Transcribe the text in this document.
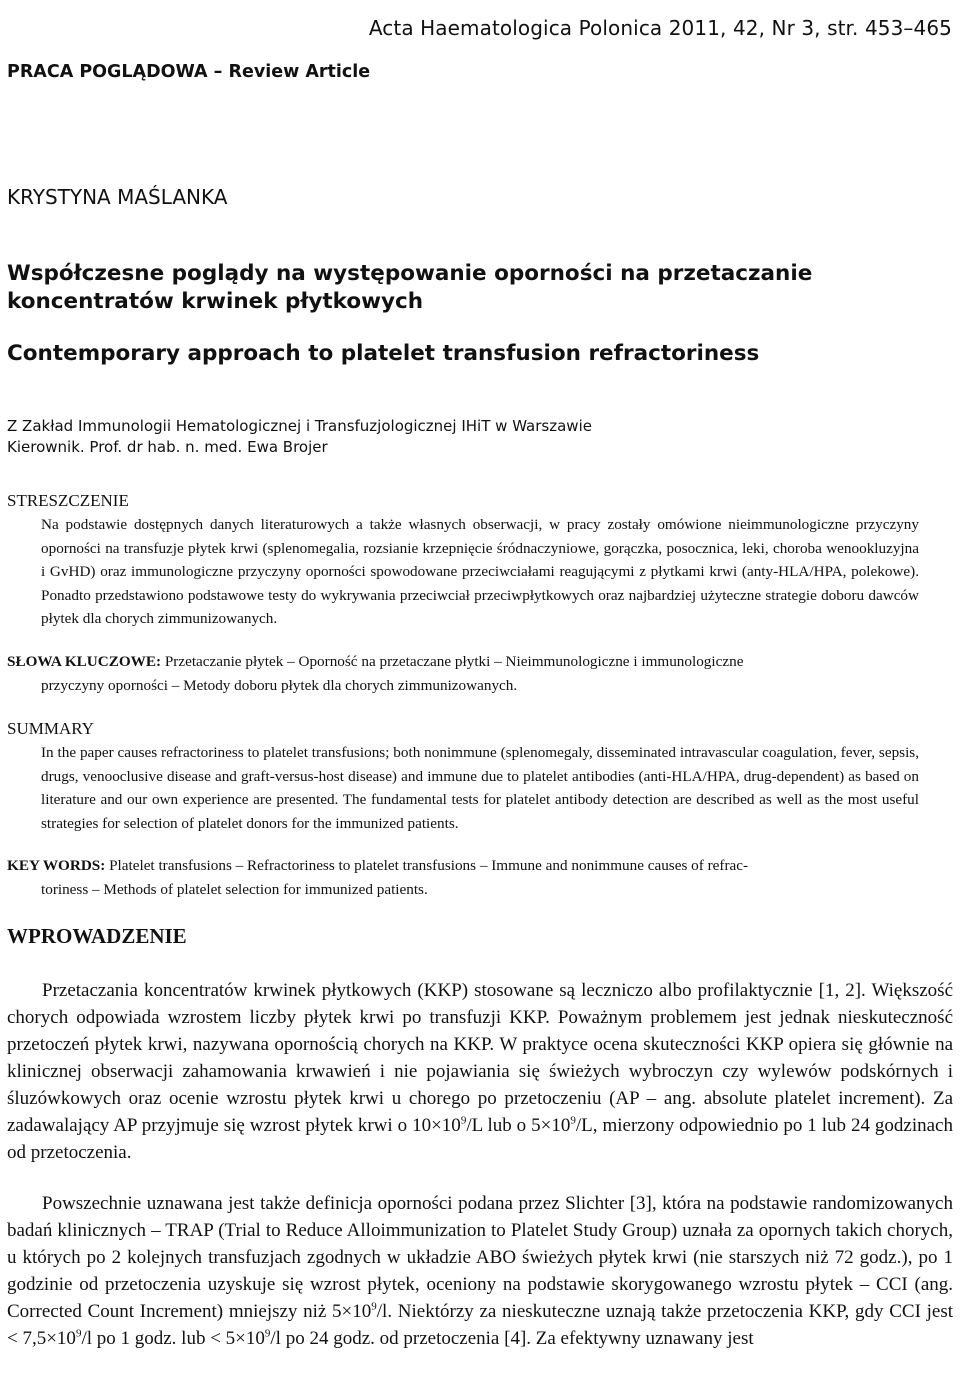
Acta Haematologica Polonica 2011, 42, Nr 3, str. 453–465
PRACA POGLĄDOWA – Review Article
KRYSTYNA MAŚLANKA
Współczesne poglądy na występowanie oporności na przetaczanie koncentratów krwinek płytkowych
Contemporary approach to platelet transfusion refractoriness
Z Zakład Immunologii Hematologicznej i Transfuzjologicznej IHiT w Warszawie
Kierownik. Prof. dr hab. n. med. Ewa Brojer
STRESZCZENIE
Na podstawie dostępnych danych literaturowych a także własnych obserwacji, w pracy zostały omówione nieimmunologiczne przyczyny oporności na transfuzje płytek krwi (splenomegalia, rozsianie krzepnięcie śródnaczyniowe, gorączka, posocznica, leki, choroba wenookluzyjna i GvHD) oraz immunologiczne przyczyny oporności spowodowane przeciwciałami reagującymi z płytkami krwi (anty-HLA/HPA, polekowe). Ponadto przedstawiono podstawowe testy do wykrywania przeciwciał przeciwpłytkowych oraz najbardziej użyteczne strategie doboru dawców płytek dla chorych zimmunizowanych.
SŁOWA KLUCZOWE: Przetaczanie płytek – Oporność na przetaczane płytki – Nieimmunologiczne i immunologiczne
przyczyny oporności – Metody doboru płytek dla chorych zimmunizowanych.
SUMMARY
In the paper causes refractoriness to platelet transfusions; both nonimmune (splenomegaly, disseminated intravascular coagulation, fever, sepsis, drugs, venooclusive disease and graft-versus-host disease) and immune due to platelet antibodies (anti-HLA/HPA, drug-dependent) as based on literature and our own experience are presented. The fundamental tests for platelet antibody detection are described as well as the most useful strategies for selection of platelet donors for the immunized patients.
KEY WORDS: Platelet transfusions – Refractoriness to platelet transfusions – Immune and nonimmune causes of refrac-
toriness – Methods of platelet selection for immunized patients.
WPROWADZENIE
Przetaczania koncentratów krwinek płytkowych (KKP) stosowane są leczniczo albo profilaktycznie [1, 2]. Większość chorych odpowiada wzrostem liczby płytek krwi po transfuzji KKP. Poważnym problemem jest jednak nieskuteczność przetoczeń płytek krwi, nazywana opornością chorych na KKP. W praktyce ocena skuteczności KKP opiera się głównie na klinicznej obserwacji zahamowania krwawień i nie pojawiania się świeżych wybroczyn czy wylewów podskórnych i śluzówkowych oraz ocenie wzrostu płytek krwi u chorego po przetoczeniu (AP – ang. absolute platelet increment). Za zadawalający AP przyjmuje się wzrost płytek krwi o $10\times 10^9/L$ lub o $5\times 10^9/L$, mierzony odpowiednio po 1 lub 24 godzinach od przetoczenia.
Powszechnie uznawana jest także definicja oporności podana przez Slichter [3], która na podstawie randomizowanych badań klinicznych – TRAP (Trial to Reduce Alloimmunization to Platelet Study Group) uznała za opornych takich chorych, u których po 2 kolejnych transfuzjach zgodnych w układzie ABO świeżych płytek krwi (nie starszych niż 72 godz.), po 1 godzinie od przetoczenia uzyskuje się wzrost płytek, oceniony na podstawie skorygowanego wzrostu płytek – CCI (ang. Corrected Count Increment) mniejszy niż $5\times 10^9/l$. Niektórzy za nieskuteczne uznają także przetoczenia KKP, gdy CCI jest < $7,5\times 10^9/l$ po 1 godz. lub < $5\times 10^9/l$ po 24 godz. od przetoczenia [4]. Za efektywny uznawany jest
